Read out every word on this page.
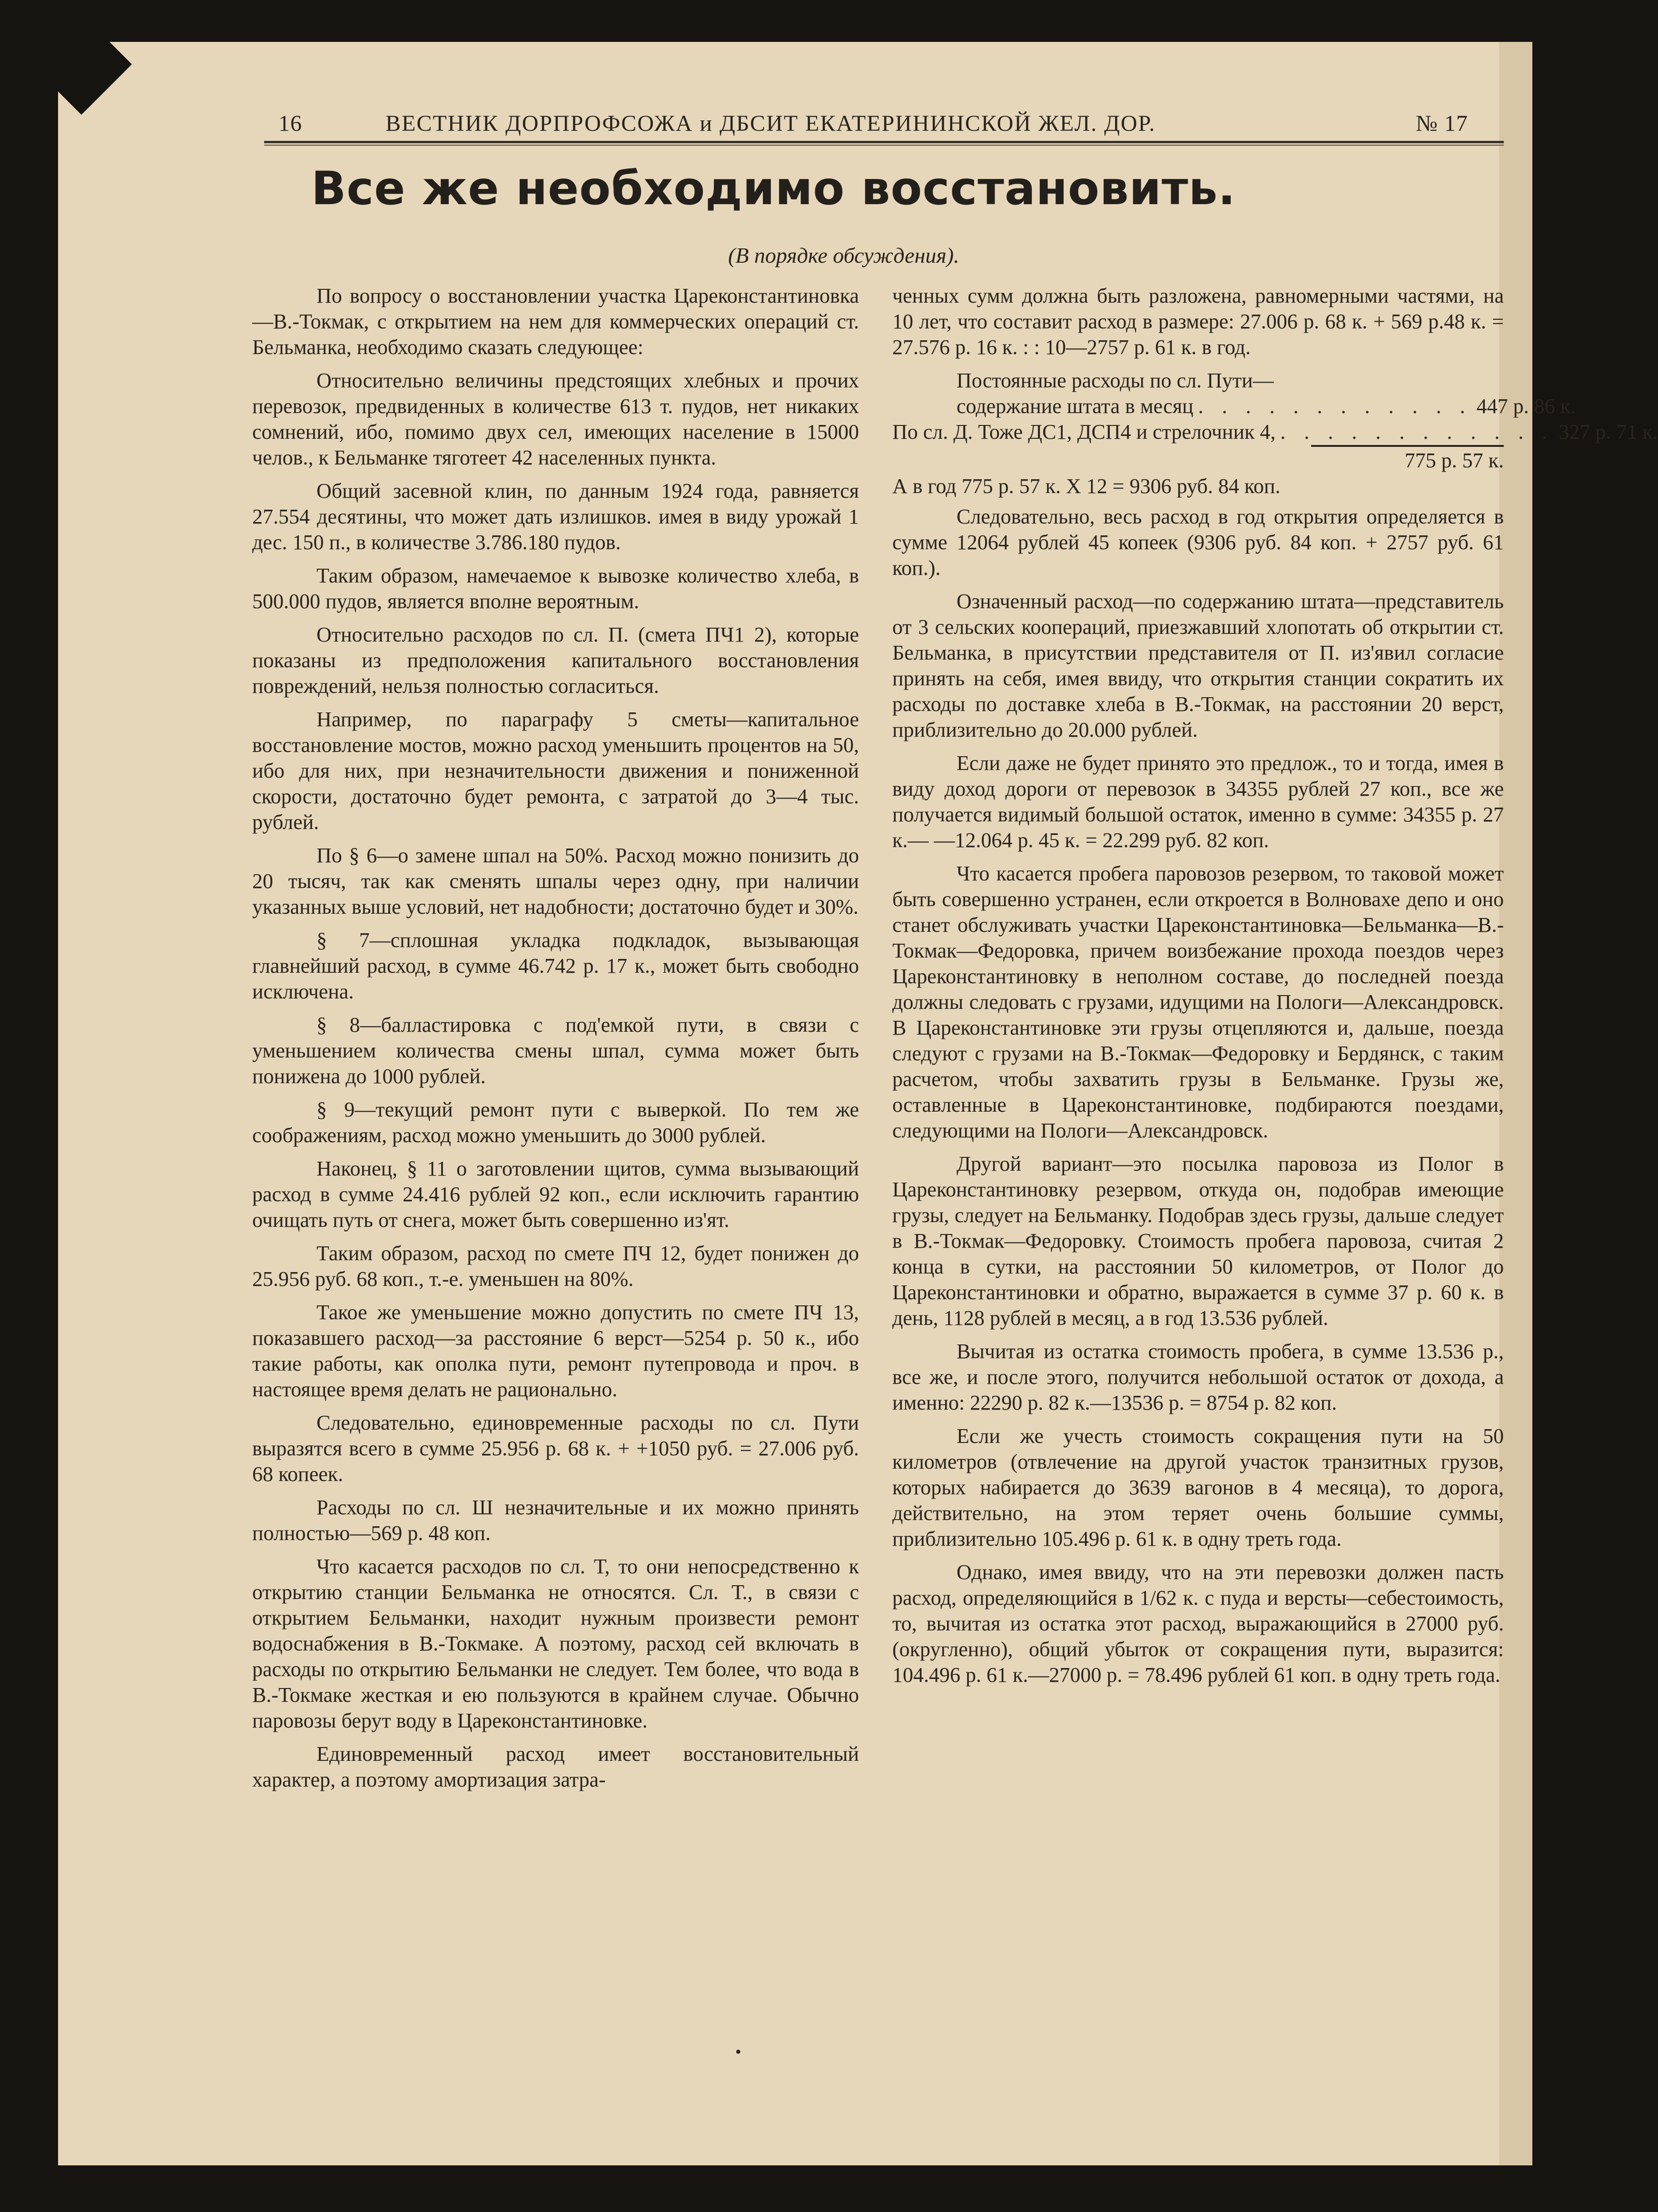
16	ВЕСТНИК ДОРПРОФСОЖА и ДБСИТ ЕКАТЕРИНИНСКОЙ ЖЕЛ. ДОР.	№ 17
Все же необходимо восстановить.
(В порядке обсуждения).

По вопросу о восстановлении участка Цареконстантиновка—В.-Токмак, с открытием на нем для коммерческих операций ст. Бельманка, необходимо сказать следующее:

Относительно величины предстоящих хлебных и прочих перевозок, предвиденных в количестве 613 т. пудов, нет никаких сомнений, ибо, помимо двух сел, имеющих население в 15000 челов., к Бельманке тяготеет 42 населенных пункта.

Общий засевной клин, по данным 1924 года, равняется 27.554 десятины, что может дать излишков. имея в виду урожай 1 дес. 150 п., в количестве 3.786.180 пудов.

Таким образом, намечаемое к вывозке количество хлеба, в 500.000 пудов, является вполне вероятным.

Относительно расходов по сл. П. (смета ПЧ1 2), которые показаны из предположения капитального восстановления повреждений, нельзя полностью согласиться.

Например, по параграфу 5 сметы—капитальное восстановление мостов, можно расход уменьшить процентов на 50, ибо для них, при незначительности движения и пониженной скорости, достаточно будет ремонта, с затратой до 3—4 тыс. рублей.

По § 6—о замене шпал на 50%. Расход можно понизить до 20 тысяч, так как сменять шпалы через одну, при наличии указанных выше условий, нет надобности; достаточно будет и 30%.

§ 7—сплошная укладка подкладок, вызывающая главнейший расход, в сумме 46.742 р. 17 к., может быть свободно исключена.

§ 8—балластировка с под'емкой пути, в связи с уменьшением количества смены шпал, сумма может быть понижена до 1000 рублей.

§ 9—текущий ремонт пути с выверкой. По тем же соображениям, расход можно уменьшить до 3000 рублей.

Наконец, § 11 о заготовлении щитов, сумма вызывающий расход в сумме 24.416 рублей 92 коп., если исключить гарантию очищать путь от снега, может быть совершенно из'ят.

Таким образом, расход по смете ПЧ 12, будет понижен до 25.956 руб. 68 коп., т.-е. уменьшен на 80%.

Такое же уменьшение можно допустить по смете ПЧ 13, показавшего расход—за расстояние 6 верст—5254 р. 50 к., ибо такие работы, как ополка пути, ремонт путепровода и проч. в настоящее время делать не рационально.

Следовательно, единовременные расходы по сл. Пути выразятся всего в сумме 25.956 р. 68 к. + +1050 руб. = 27.006 руб. 68 копеек.

Расходы по сл. Ш незначительные и их можно принять полностью—569 р. 48 коп.

Что касается расходов по сл. Т, то они непосредственно к открытию станции Бельманка не относятся. Сл. Т., в связи с открытием Бельманки, находит нужным произвести ремонт водоснабжения в В.-Токмаке. А поэтому, расход сей включать в расходы по открытию Бельманки не следует. Тем более, что вода в В.-Токмаке жесткая и ею пользуются в крайнем случае. Обычно паровозы берут воду в Цареконстантиновке.

Единовременный расход имеет восстановительный характер, а поэтому амортизация затра-

ченных сумм должна быть разложена, равномерными частями, на 10 лет, что составит расход в размере: 27.006 р. 68 к. + 569 р.48 к. = 27.576 р. 16 к. : : 10—2757 р. 61 к. в год.

Постоянные расходы по сл. Пути—
содержание штата в месяц . . . . . . . . . . . . 447 р. 86 к.
По сл. Д. Тоже ДС1, ДСП4 и стрелочник 4, . . . . . . . . . . . . 327 р. 71 к.
775 р. 57 к.
А в год 775 р. 57 к. Х 12 = 9306 руб. 84 коп.

Следовательно, весь расход в год открытия определяется в сумме 12064 рублей 45 копеек (9306 руб. 84 коп. + 2757 руб. 61 коп.).

Означенный расход—по содержанию штата—представитель от 3 сельских коопераций, приезжавший хлопотать об открытии ст. Бельманка, в присутствии представителя от П. из'явил согласие принять на себя, имея ввиду, что открытия станции сократить их расходы по доставке хлеба в В.-Токмак, на расстоянии 20 верст, приблизительно до 20.000 рублей.

Если даже не будет принято это предлож., то и тогда, имея в виду доход дороги от перевозок в 34355 рублей 27 коп., все же получается видимый большой остаток, именно в сумме: 34355 р. 27 к.— —12.064 р. 45 к. = 22.299 руб. 82 коп.

Что касается пробега паровозов резервом, то таковой может быть совершенно устранен, если откроется в Волновахе депо и оно станет обслуживать участки Цареконстантиновка—Бельманка—В.-Токмак—Федоровка, причем воизбежание прохода поездов через Цареконстантиновку в неполном составе, до последней поезда должны следовать с грузами, идущими на Пологи—Александровск. В Цареконстантиновке эти грузы отцепляются и, дальше, поезда следуют с грузами на В.-Токмак—Федоровку и Бердянск, с таким расчетом, чтобы захватить грузы в Бельманке. Грузы же, оставленные в Цареконстантиновке, подбираются поездами, следующими на Пологи—Александровск.

Другой вариант—это посылка паровоза из Полог в Цареконстантиновку резервом, откуда он, подобрав имеющие грузы, следует на Бельманку. Подобрав здесь грузы, дальше следует в В.-Токмак—Федоровку. Стоимость пробега паровоза, считая 2 конца в сутки, на расстоянии 50 километров, от Полог до Цареконстантиновки и обратно, выражается в сумме 37 р. 60 к. в день, 1128 рублей в месяц, а в год 13.536 рублей.

Вычитая из остатка стоимость пробега, в сумме 13.536 р., все же, и после этого, получится небольшой остаток от дохода, а именно: 22290 р. 82 к.—13536 р. = 8754 р. 82 коп.

Если же учесть стоимость сокращения пути на 50 километров (отвлечение на другой участок транзитных грузов, которых набирается до 3639 вагонов в 4 месяца), то дорога, действительно, на этом теряет очень большие суммы, приблизительно 105.496 р. 61 к. в одну треть года.

Однако, имея ввиду, что на эти перевозки должен пасть расход, определяющийся в 1/62 к. с пуда и версты—себестоимость, то, вычитая из остатка этот расход, выражающийся в 27000 руб. (округленно), общий убыток от сокращения пути, выразится: 104.496 р. 61 к.—27000 р. = 78.496 рублей 61 коп. в одну треть года.

•
